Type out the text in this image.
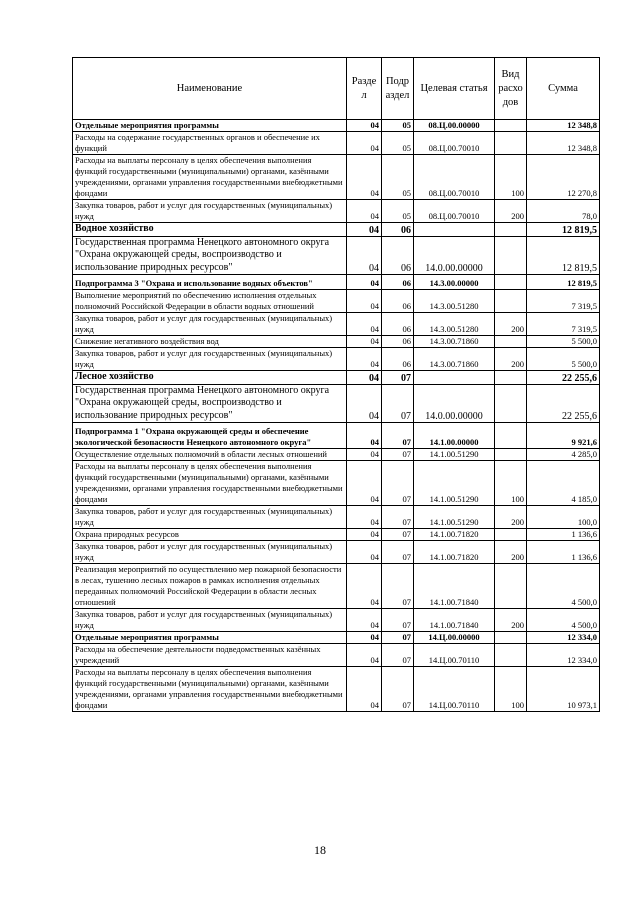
Наименование	Разде л	Подр аздел	Целевая статья	Вид расхо дов	Сумма
Отдельные мероприятия программы	04	05	08.Ц.00.00000		12 348,8
Расходы на содержание государственных органов и обеспечение их функций	04	05	08.Ц.00.70010		12 348,8
Расходы на выплаты персоналу в целях обеспечения выполнения функций государственными (муниципальными) органами, казёнными учреждениями, органами управления государственными внебюджетными фондами	04	05	08.Ц.00.70010	100	12 270,8
Закупка товаров, работ и услуг для государственных (муниципальных) нужд	04	05	08.Ц.00.70010	200	78,0
Водное хозяйство	04	06			12 819,5
Государственная программа Ненецкого автономного округа "Охрана окружающей среды, воспроизводство и использование природных ресурсов"	04	06	14.0.00.00000		12 819,5
Подпрограмма 3 "Охрана и использование водных объектов"	04	06	14.3.00.00000		12 819,5
Выполнение мероприятий по обеспечению исполнения отдельных полномочий Российской Федерации в области водных отношений	04	06	14.3.00.51280		7 319,5
Закупка товаров, работ и услуг для государственных (муниципальных) нужд	04	06	14.3.00.51280	200	7 319,5
Снижение негативного воздействия вод	04	06	14.3.00.71860		5 500,0
Закупка товаров, работ и услуг для государственных (муниципальных) нужд	04	06	14.3.00.71860	200	5 500,0
Лесное хозяйство	04	07			22 255,6
Государственная программа Ненецкого автономного округа "Охрана окружающей среды, воспроизводство и использование природных ресурсов"	04	07	14.0.00.00000		22 255,6
Подпрограмма 1 "Охрана окружающей среды и обеспечение экологической безопасности Ненецкого автономного округа"	04	07	14.1.00.00000		9 921,6
Осуществление отдельных полномочий в области лесных отношений	04	07	14.1.00.51290		4 285,0
Расходы на выплаты персоналу в целях обеспечения выполнения функций государственными (муниципальными) органами, казёнными учреждениями, органами управления государственными внебюджетными фондами	04	07	14.1.00.51290	100	4 185,0
Закупка товаров, работ и услуг для государственных (муниципальных) нужд	04	07	14.1.00.51290	200	100,0
Охрана природных ресурсов	04	07	14.1.00.71820		1 136,6
Закупка товаров, работ и услуг для государственных (муниципальных) нужд	04	07	14.1.00.71820	200	1 136,6
Реализация мероприятий по осуществлению мер пожарной безопасности в лесах, тушению лесных пожаров в рамках исполнения отдельных переданных полномочий Российской Федерации в области лесных отношений	04	07	14.1.00.71840		4 500,0
Закупка товаров, работ и услуг для государственных (муниципальных) нужд	04	07	14.1.00.71840	200	4 500,0
Отдельные мероприятия программы	04	07	14.Ц.00.00000		12 334,0
Расходы на обеспечение деятельности подведомственных казённых учреждений	04	07	14.Ц.00.70110		12 334,0
Расходы на выплаты персоналу в целях обеспечения выполнения функций государственными (муниципальными) органами, казёнными учреждениями, органами управления государственными внебюджетными фондами	04	07	14.Ц.00.70110	100	10 973,1
18
